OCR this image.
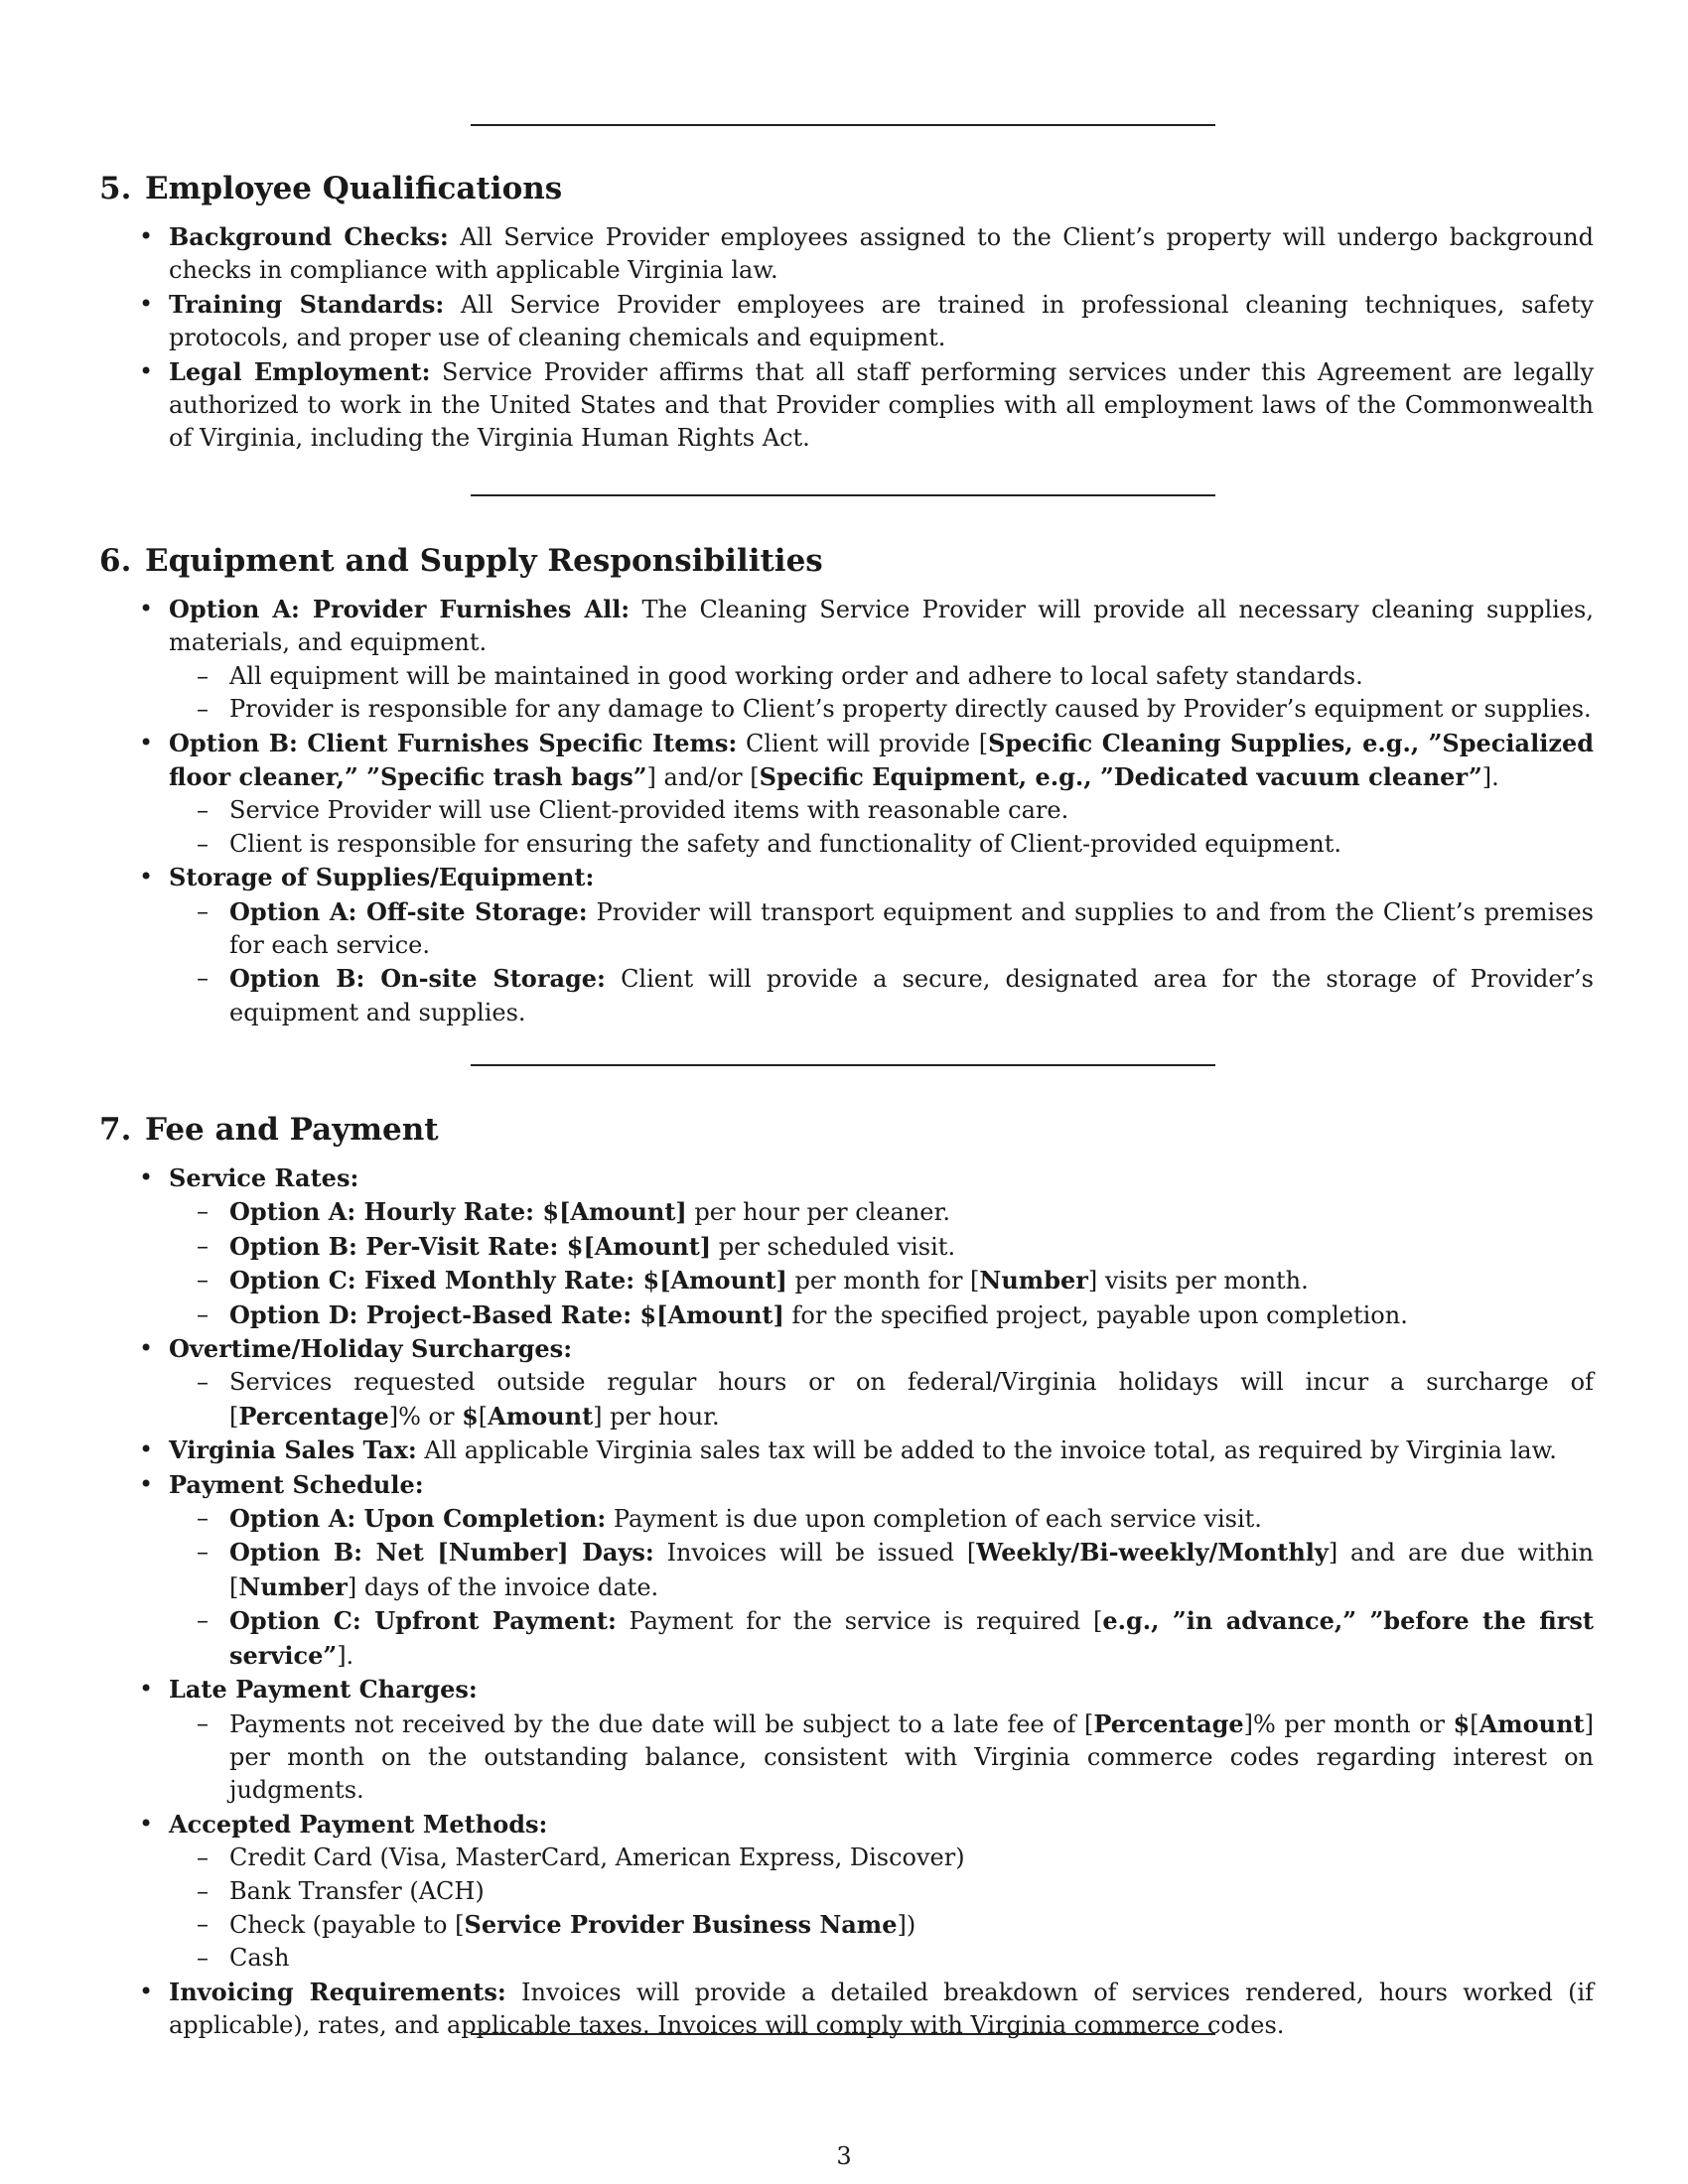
5. Employee Qualifications
• Background Checks: All Service Provider employees assigned to the Client’s property will undergo background checks in compliance with applicable Virginia law.
• Training Standards: All Service Provider employees are trained in professional cleaning techniques, safety protocols, and proper use of cleaning chemicals and equipment.
• Legal Employment: Service Provider affirms that all staff performing services under this Agreement are legally authorized to work in the United States and that Provider complies with all employment laws of the Commonwealth of Virginia, including the Virginia Human Rights Act.
6. Equipment and Supply Responsibilities
• Option A: Provider Furnishes All: The Cleaning Service Provider will provide all necessary cleaning supplies, materials, and equipment.
– All equipment will be maintained in good working order and adhere to local safety standards.
– Provider is responsible for any damage to Client’s property directly caused by Provider’s equipment or supplies.
• Option B: Client Furnishes Specific Items: Client will provide [Specific Cleaning Supplies, e.g., ”Specialized floor cleaner,” ”Specific trash bags”] and/or [Specific Equipment, e.g., ”Dedicated vacuum cleaner”].
– Service Provider will use Client-provided items with reasonable care.
– Client is responsible for ensuring the safety and functionality of Client-provided equipment.
• Storage of Supplies/Equipment:
– Option A: Off-site Storage: Provider will transport equipment and supplies to and from the Client’s premises for each service.
– Option B: On-site Storage: Client will provide a secure, designated area for the storage of Provider’s equipment and supplies.
7. Fee and Payment
• Service Rates:
– Option A: Hourly Rate: $[Amount] per hour per cleaner.
– Option B: Per-Visit Rate: $[Amount] per scheduled visit.
– Option C: Fixed Monthly Rate: $[Amount] per month for [Number] visits per month.
– Option D: Project-Based Rate: $[Amount] for the specified project, payable upon completion.
• Overtime/Holiday Surcharges:
– Services requested outside regular hours or on federal/Virginia holidays will incur a surcharge of [Percentage]% or $[Amount] per hour.
• Virginia Sales Tax: All applicable Virginia sales tax will be added to the invoice total, as required by Virginia law.
• Payment Schedule:
– Option A: Upon Completion: Payment is due upon completion of each service visit.
– Option B: Net [Number] Days: Invoices will be issued [Weekly/Bi-weekly/Monthly] and are due within [Number] days of the invoice date.
– Option C: Upfront Payment: Payment for the service is required [e.g., ”in advance,” ”before the first service”].
• Late Payment Charges:
– Payments not received by the due date will be subject to a late fee of [Percentage]% per month or $[Amount] per month on the outstanding balance, consistent with Virginia commerce codes regarding interest on judgments.
• Accepted Payment Methods:
– Credit Card (Visa, MasterCard, American Express, Discover)
– Bank Transfer (ACH)
– Check (payable to [Service Provider Business Name])
– Cash
• Invoicing Requirements: Invoices will provide a detailed breakdown of services rendered, hours worked (if applicable), rates, and applicable taxes. Invoices will comply with Virginia commerce codes.
3
